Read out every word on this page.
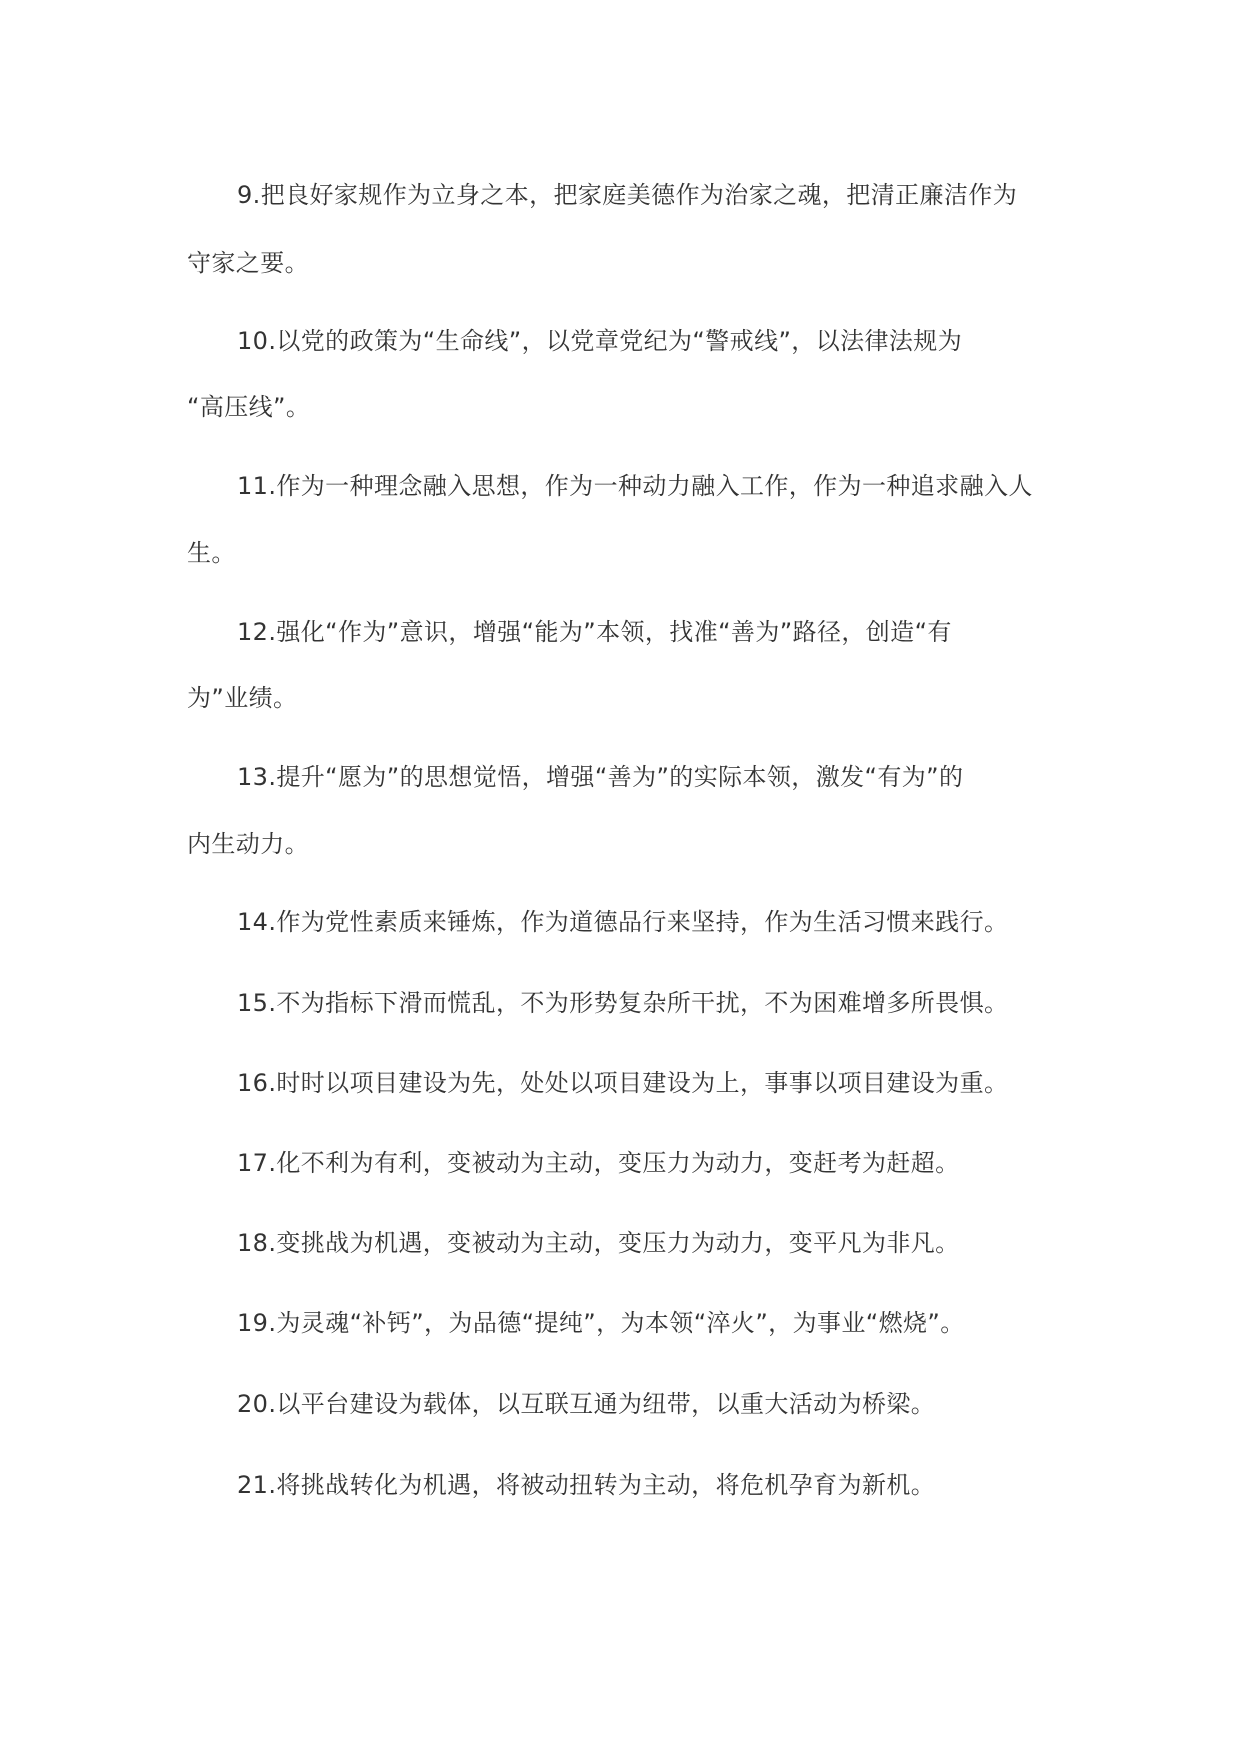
9.把良好家规作为立身之本，把家庭美德作为治家之魂，把清正廉洁作为
守家之要。
10.以党的政策为“生命线”，以党章党纪为“警戒线”，以法律法规为
“高压线”。
11.作为一种理念融入思想，作为一种动力融入工作，作为一种追求融入人
生。
12.强化“作为”意识，增强“能为”本领，找准“善为”路径，创造“有
为”业绩。
13.提升“愿为”的思想觉悟，增强“善为”的实际本领，激发“有为”的
内生动力。
14.作为党性素质来锤炼，作为道德品行来坚持，作为生活习惯来践行。
15.不为指标下滑而慌乱，不为形势复杂所干扰，不为困难增多所畏惧。
16.时时以项目建设为先，处处以项目建设为上，事事以项目建设为重。
17.化不利为有利，变被动为主动，变压力为动力，变赶考为赶超。
18.变挑战为机遇，变被动为主动，变压力为动力，变平凡为非凡。
19.为灵魂“补钙”，为品德“提纯”，为本领“淬火”，为事业“燃烧”。
20.以平台建设为载体，以互联互通为纽带，以重大活动为桥梁。
21.将挑战转化为机遇，将被动扭转为主动，将危机孕育为新机。
